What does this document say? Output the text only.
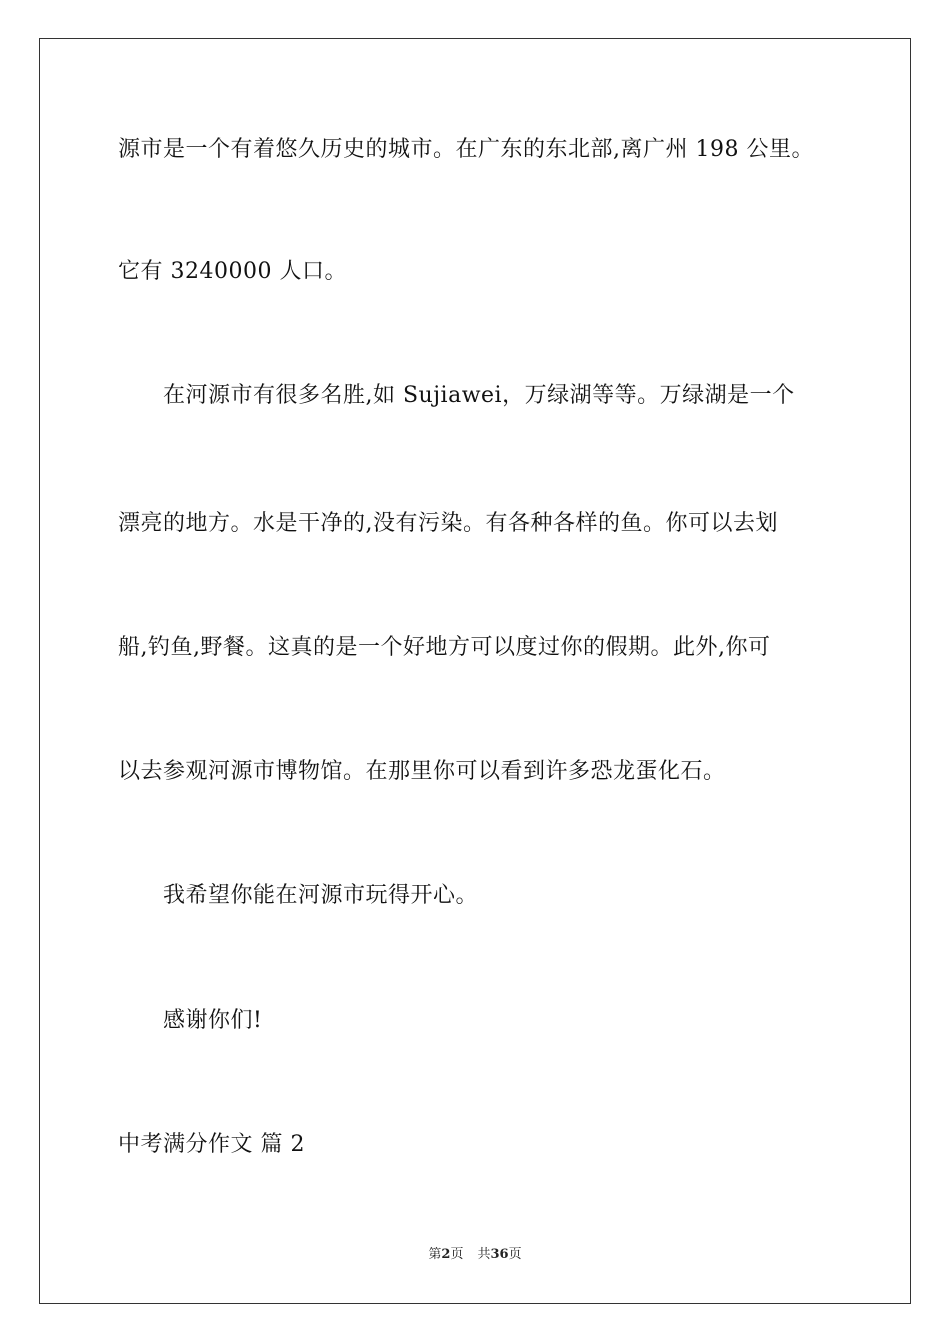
源市是一个有着悠久历史的城市。在广东的东北部,离广州 198 公里。
它有 3240000 人口。
在河源市有很多名胜,如 Sujiawei，万绿湖等等。万绿湖是一个
漂亮的地方。水是干净的,没有污染。有各种各样的鱼。你可以去划
船,钓鱼,野餐。这真的是一个好地方可以度过你的假期。此外,你可
以去参观河源市博物馆。在那里你可以看到许多恐龙蛋化石。
我希望你能在河源市玩得开心。
感谢你们!
中考满分作文 篇 2
第2页 共36页
